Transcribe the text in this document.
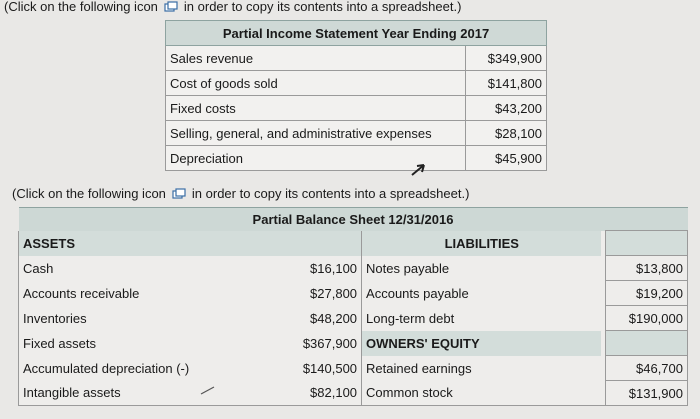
(Click on the following icon in order to copy its contents into a spreadsheet.)
Partial Income Statement Year Ending 2017	
Sales revenue	$349,900
Cost of goods sold	$141,800
Fixed costs	$43,200
Selling, general, and administrative expenses	$28,100
Depreciation	$45,900
(Click on the following icon in order to copy its contents into a spreadsheet.)
Partial Balance Sheet 12/31/2016				
ASSETS		LIABILITIES		
Cash	$16,100	Notes payable		$13,800
Accounts receivable	$27,800	Accounts payable		$19,200
Inventories	$48,200	Long-term debt		$190,000
Fixed assets	$367,900	OWNERS' EQUITY		
Accumulated depreciation (-)	$140,500	Retained earnings		$46,700
Intangible assets	$82,100	Common stock		$131,900
